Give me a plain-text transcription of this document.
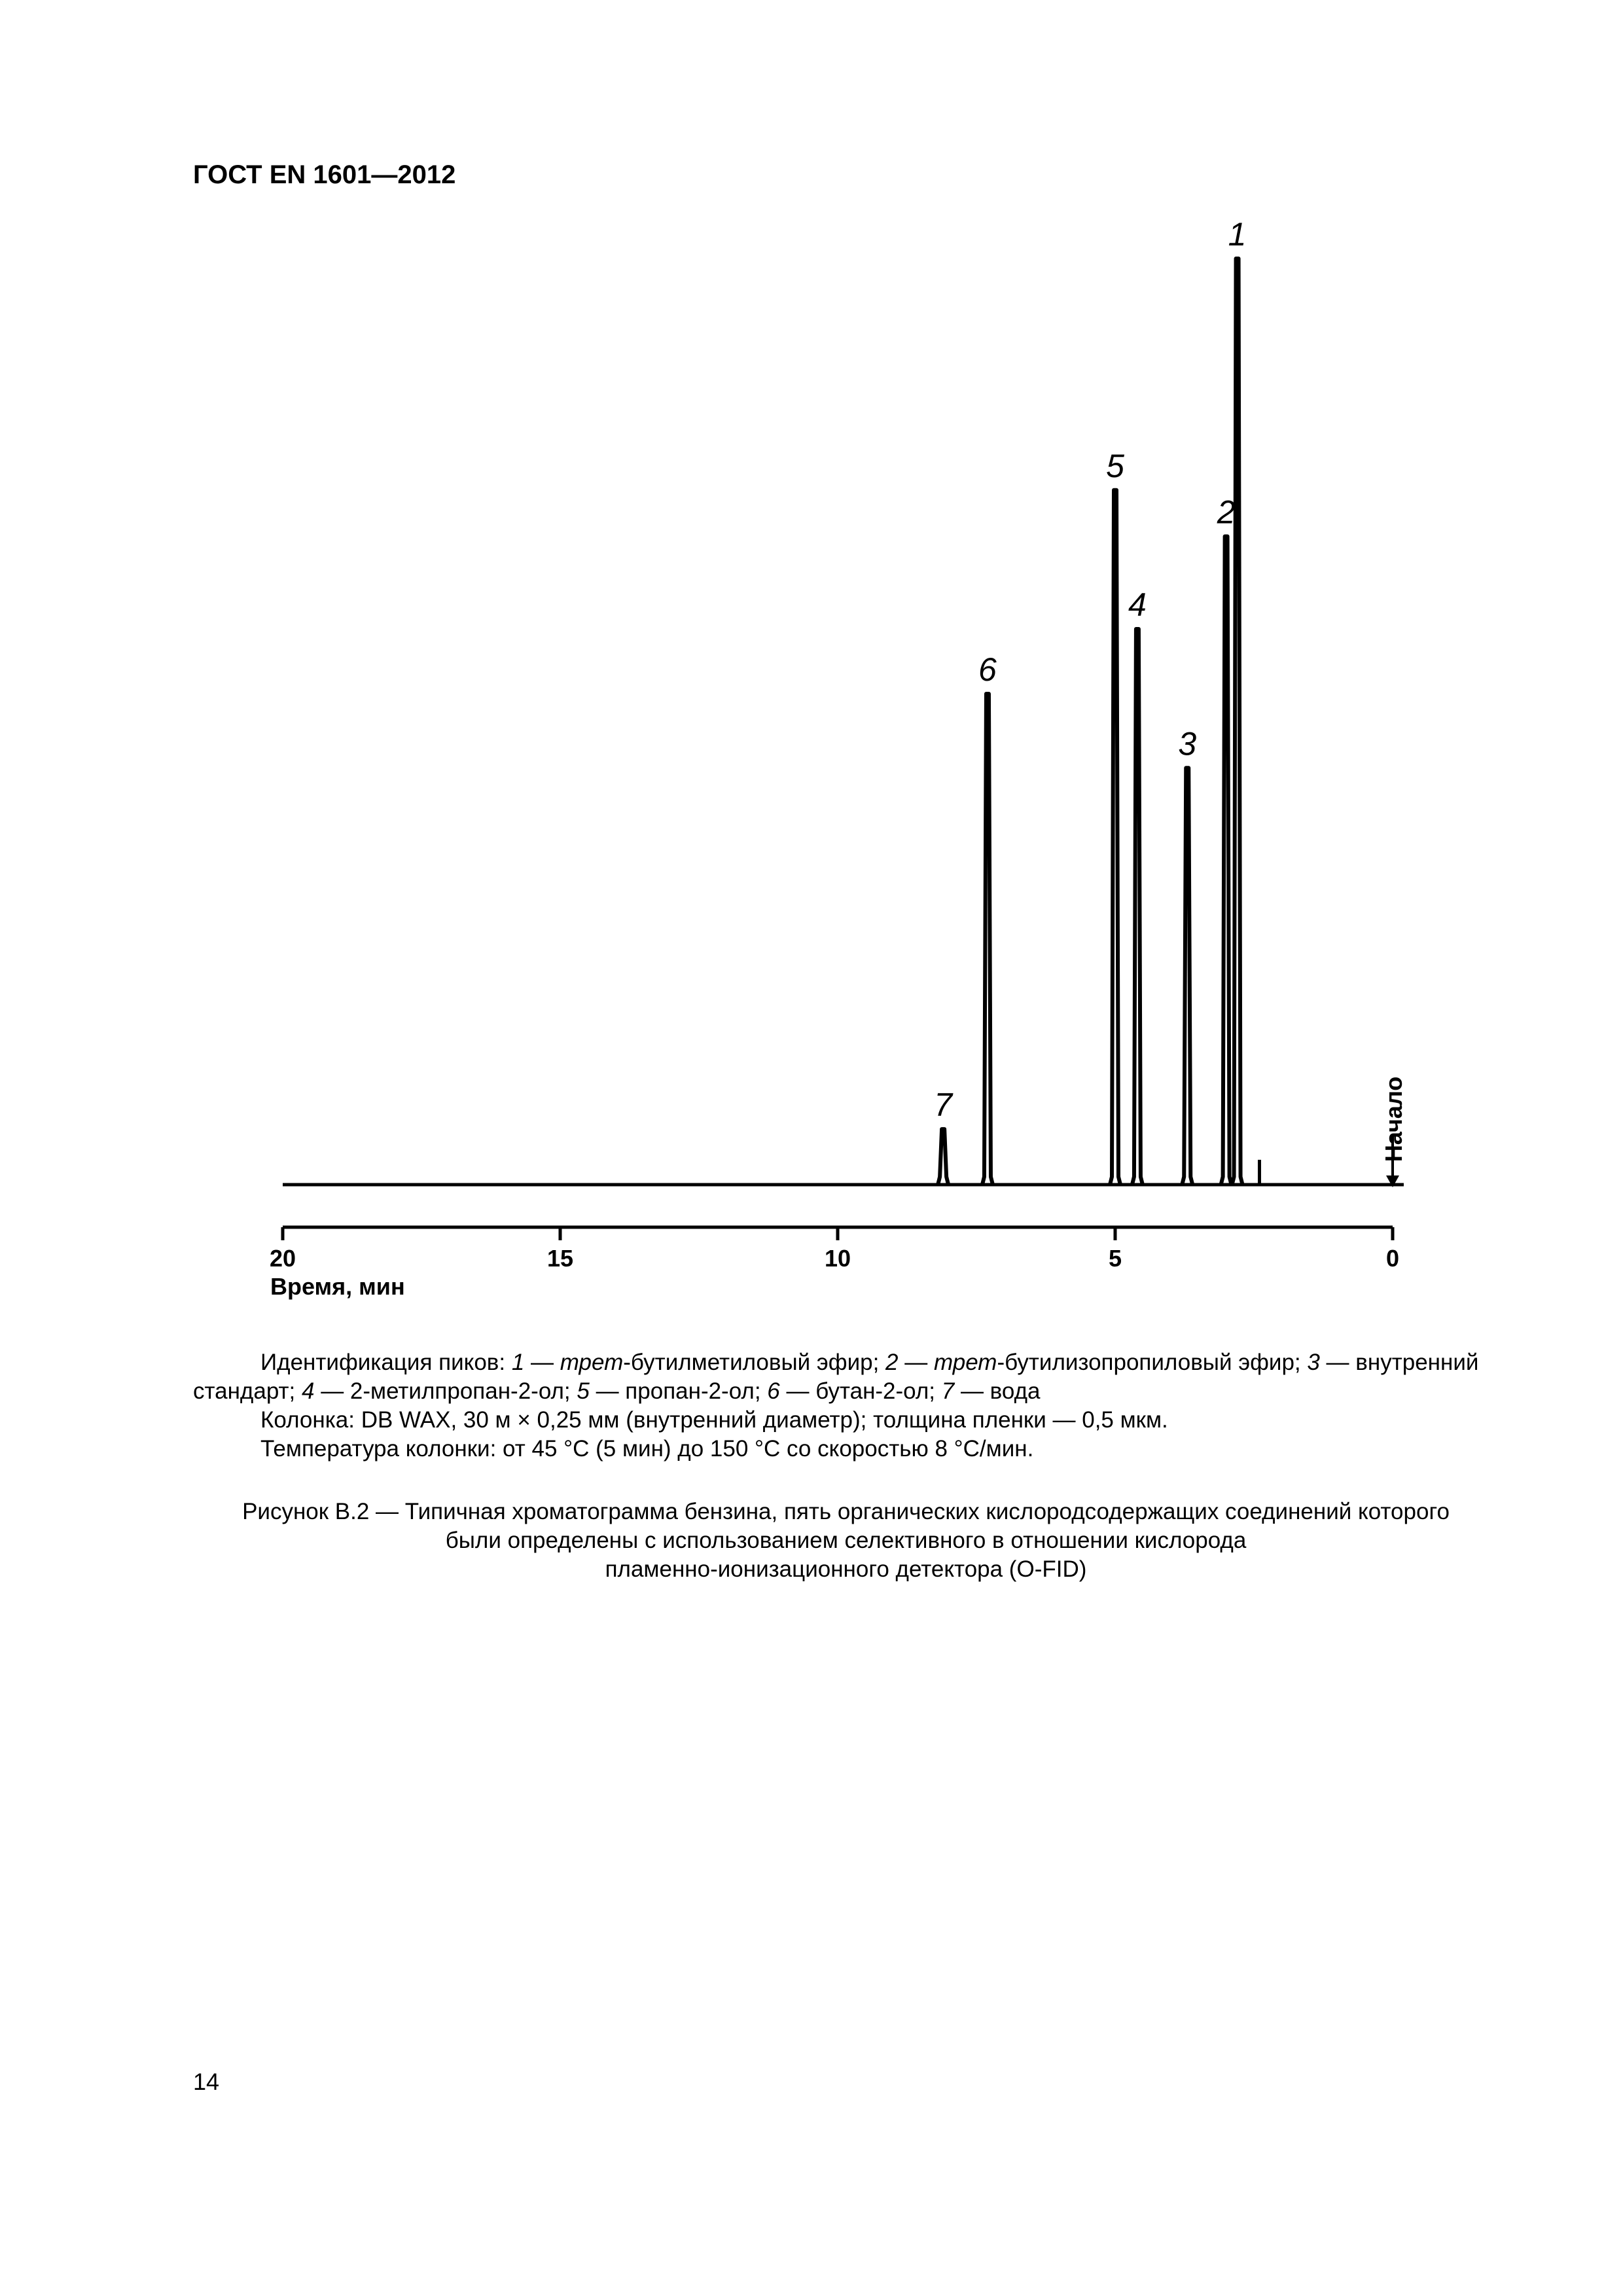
ГОСТ EN 1601—2012
20	15	10	5	0
Время, мин
1
2
3
4
5
6
7	Начало

Идентификация пиков: 1 — трет-бутилметиловый эфир; 2 — трет-бутилизопропиловый эфир; 3 — внутренний стандарт; 4 — 2-метилпропан-2-ол; 5 — пропан-2-ол; 6 — бутан-2-ол; 7 — вода

Колонка: DB WAX, 30 м × 0,25 мм (внутренний диаметр); толщина пленки — 0,5 мкм.
Температура колонки: от 45 °С (5 мин) до 150 °С со скоростью 8 °С/мин.
Рисунок В.2 — Типичная хроматограмма бензина, пять органических кислородсодержащих соединений которого
были определены с использованием селективного в отношении кислорода
пламенно-ионизационного детектора (O-FID)
14
